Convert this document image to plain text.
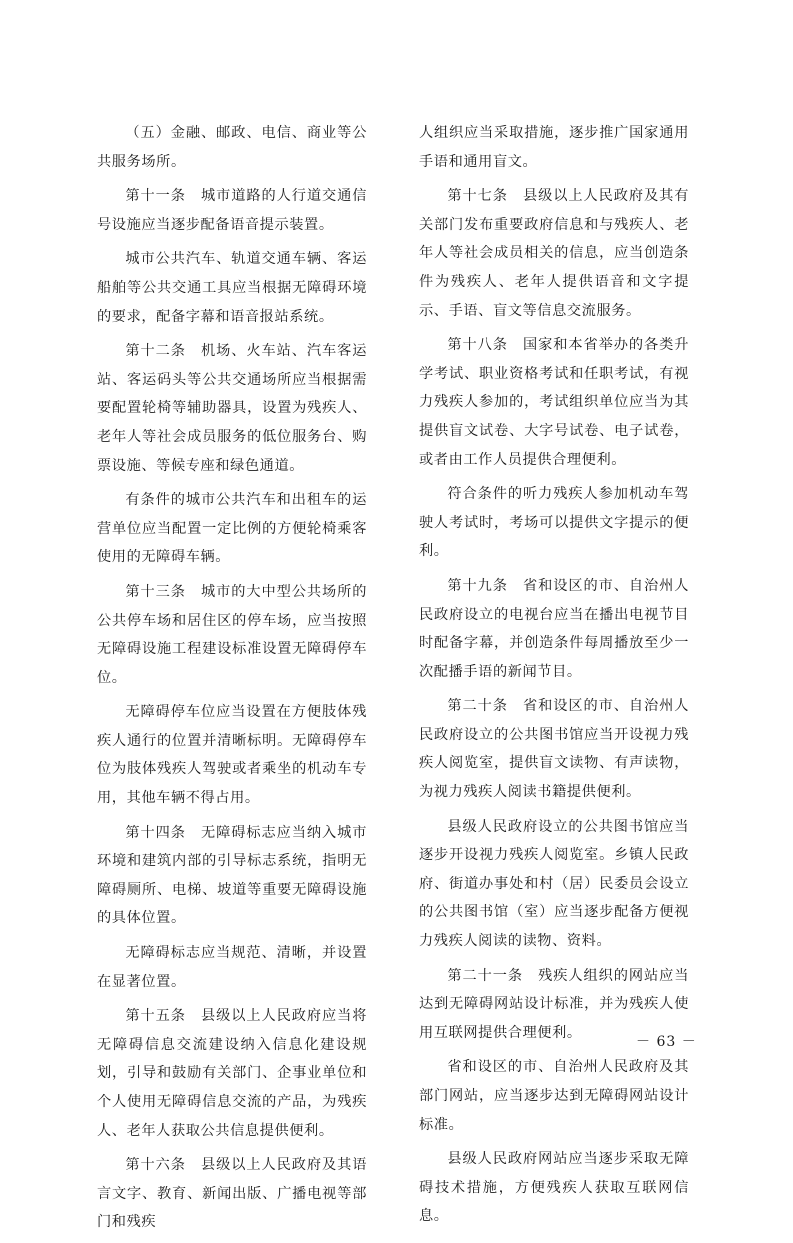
（五）金融、邮政、电信、商业等公共服务场所。

第十一条　城市道路的人行道交通信号设施应当逐步配备语音提示装置。

城市公共汽车、轨道交通车辆、客运船舶等公共交通工具应当根据无障碍环境的要求，配备字幕和语音报站系统。

第十二条　机场、火车站、汽车客运站、客运码头等公共交通场所应当根据需要配置轮椅等辅助器具，设置为残疾人、老年人等社会成员服务的低位服务台、购票设施、等候专座和绿色通道。

有条件的城市公共汽车和出租车的运营单位应当配置一定比例的方便轮椅乘客使用的无障碍车辆。

第十三条　城市的大中型公共场所的公共停车场和居住区的停车场，应当按照无障碍设施工程建设标准设置无障碍停车位。

无障碍停车位应当设置在方便肢体残疾人通行的位置并清晰标明。无障碍停车位为肢体残疾人驾驶或者乘坐的机动车专用，其他车辆不得占用。

第十四条　无障碍标志应当纳入城市环境和建筑内部的引导标志系统，指明无障碍厕所、电梯、坡道等重要无障碍设施的具体位置。

无障碍标志应当规范、清晰，并设置在显著位置。

第十五条　县级以上人民政府应当将无障碍信息交流建设纳入信息化建设规划，引导和鼓励有关部门、企事业单位和个人使用无障碍信息交流的产品，为残疾人、老年人获取公共信息提供便利。

第十六条　县级以上人民政府及其语言文字、教育、新闻出版、广播电视等部门和残疾

人组织应当采取措施，逐步推广国家通用手语和通用盲文。

第十七条　县级以上人民政府及其有关部门发布重要政府信息和与残疾人、老年人等社会成员相关的信息，应当创造条件为残疾人、老年人提供语音和文字提示、手语、盲文等信息交流服务。

第十八条　国家和本省举办的各类升学考试、职业资格考试和任职考试，有视力残疾人参加的，考试组织单位应当为其提供盲文试卷、大字号试卷、电子试卷，或者由工作人员提供合理便利。

符合条件的听力残疾人参加机动车驾驶人考试时，考场可以提供文字提示的便利。

第十九条　省和设区的市、自治州人民政府设立的电视台应当在播出电视节目时配备字幕，并创造条件每周播放至少一次配播手语的新闻节目。

第二十条　省和设区的市、自治州人民政府设立的公共图书馆应当开设视力残疾人阅览室，提供盲文读物、有声读物，为视力残疾人阅读书籍提供便利。

县级人民政府设立的公共图书馆应当逐步开设视力残疾人阅览室。乡镇人民政府、街道办事处和村（居）民委员会设立的公共图书馆（室）应当逐步配备方便视力残疾人阅读的读物、资料。

第二十一条　残疾人组织的网站应当达到无障碍网站设计标准，并为残疾人使用互联网提供合理便利。

省和设区的市、自治州人民政府及其部门网站，应当逐步达到无障碍网站设计标准。

县级人民政府网站应当逐步采取无障碍技术措施，方便残疾人获取互联网信息。

－ 63 －
